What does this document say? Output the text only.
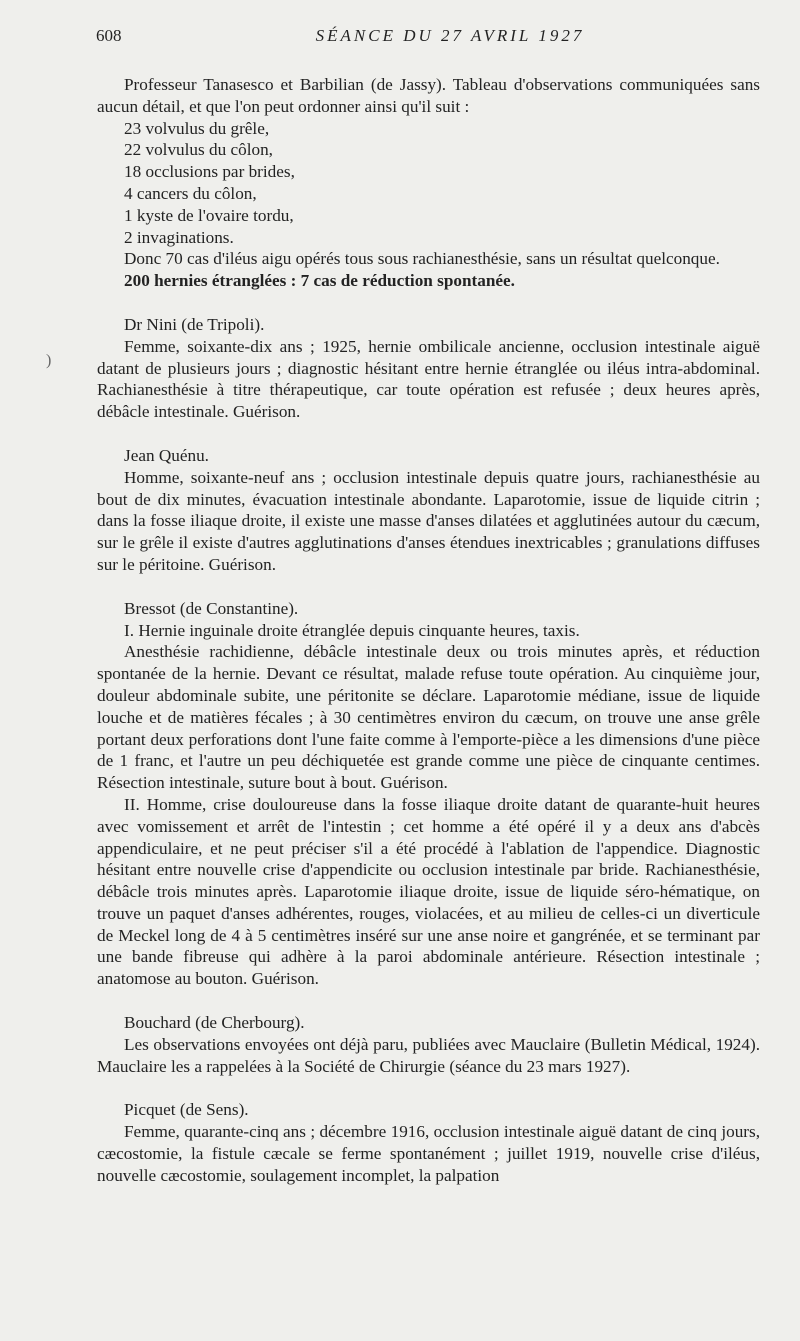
608	SÉANCE DU 27 AVRIL 1927
)

Professeur Tanasesco et Barbilian (de Jassy). Tableau d'observations communiquées sans aucun détail, et que l'on peut ordonner ainsi qu'il suit :

23 volvulus du grêle,

22 volvulus du côlon,

18 occlusions par brides,

4 cancers du côlon,

1 kyste de l'ovaire tordu,

2 invaginations.

Donc 70 cas d'iléus aigu opérés tous sous rachianesthésie, sans un résultat quelconque.

200 hernies étranglées : 7 cas de réduction spontanée.

Dr Nini (de Tripoli).

Femme, soixante-dix ans ; 1925, hernie ombilicale ancienne, occlusion intestinale aiguë datant de plusieurs jours ; diagnostic hésitant entre hernie étranglée ou iléus intra-abdominal. Rachianesthésie à titre thérapeutique, car toute opération est refusée ; deux heures après, débâcle intestinale. Guérison.

Jean Quénu.

Homme, soixante-neuf ans ; occlusion intestinale depuis quatre jours, rachianesthésie au bout de dix minutes, évacuation intestinale abondante. Laparotomie, issue de liquide citrin ; dans la fosse iliaque droite, il existe une masse d'anses dilatées et agglutinées autour du cæcum, sur le grêle il existe d'autres agglutinations d'anses étendues inextricables ; granulations diffuses sur le péritoine. Guérison.

Bressot (de Constantine).

I. Hernie inguinale droite étranglée depuis cinquante heures, taxis.

Anesthésie rachidienne, débâcle intestinale deux ou trois minutes après, et réduction spontanée de la hernie. Devant ce résultat, malade refuse toute opération. Au cinquième jour, douleur abdominale subite, une péritonite se déclare. Laparotomie médiane, issue de liquide louche et de matières fécales ; à 30 centimètres environ du cæcum, on trouve une anse grêle portant deux perforations dont l'une faite comme à l'emporte-pièce a les dimensions d'une pièce de 1 franc, et l'autre un peu déchiquetée est grande comme une pièce de cinquante centimes. Résection intestinale, suture bout à bout. Guérison.

II. Homme, crise douloureuse dans la fosse iliaque droite datant de quarante-huit heures avec vomissement et arrêt de l'intestin ; cet homme a été opéré il y a deux ans d'abcès appendiculaire, et ne peut préciser s'il a été procédé à l'ablation de l'appendice. Diagnostic hésitant entre nouvelle crise d'appendicite ou occlusion intestinale par bride. Rachianesthésie, débâcle trois minutes après. Laparotomie iliaque droite, issue de liquide séro-hématique, on trouve un paquet d'anses adhérentes, rouges, violacées, et au milieu de celles-ci un diverticule de Meckel long de 4 à 5 centimètres inséré sur une anse noire et gangrénée, et se terminant par une bande fibreuse qui adhère à la paroi abdominale antérieure. Résection intestinale ; anatomose au bouton. Guérison.

Bouchard (de Cherbourg).

Les observations envoyées ont déjà paru, publiées avec Mauclaire (Bulletin Médical, 1924). Mauclaire les a rappelées à la Société de Chirurgie (séance du 23 mars 1927).

Picquet (de Sens).

Femme, quarante-cinq ans ; décembre 1916, occlusion intestinale aiguë datant de cinq jours, cæcostomie, la fistule cæcale se ferme spontanément ; juillet 1919, nouvelle crise d'iléus, nouvelle cæcostomie, soulagement incomplet, la palpation
